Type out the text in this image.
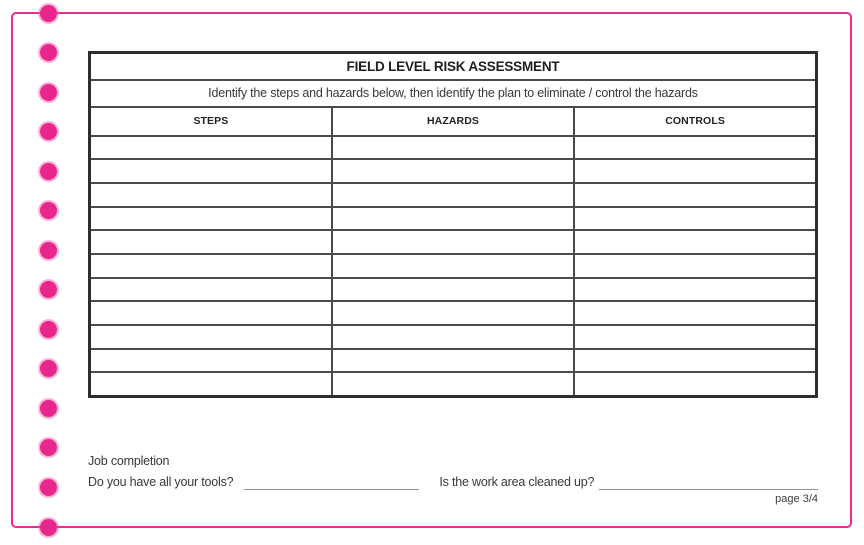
FIELD LEVEL RISK ASSESSMENT		
Identify the steps and hazards below, then identify the plan to eliminate / control the hazards		
STEPS	HAZARDS	CONTROLS

Job completion
Do you have all your tools?	Is the work area cleaned up?
page 3/4
